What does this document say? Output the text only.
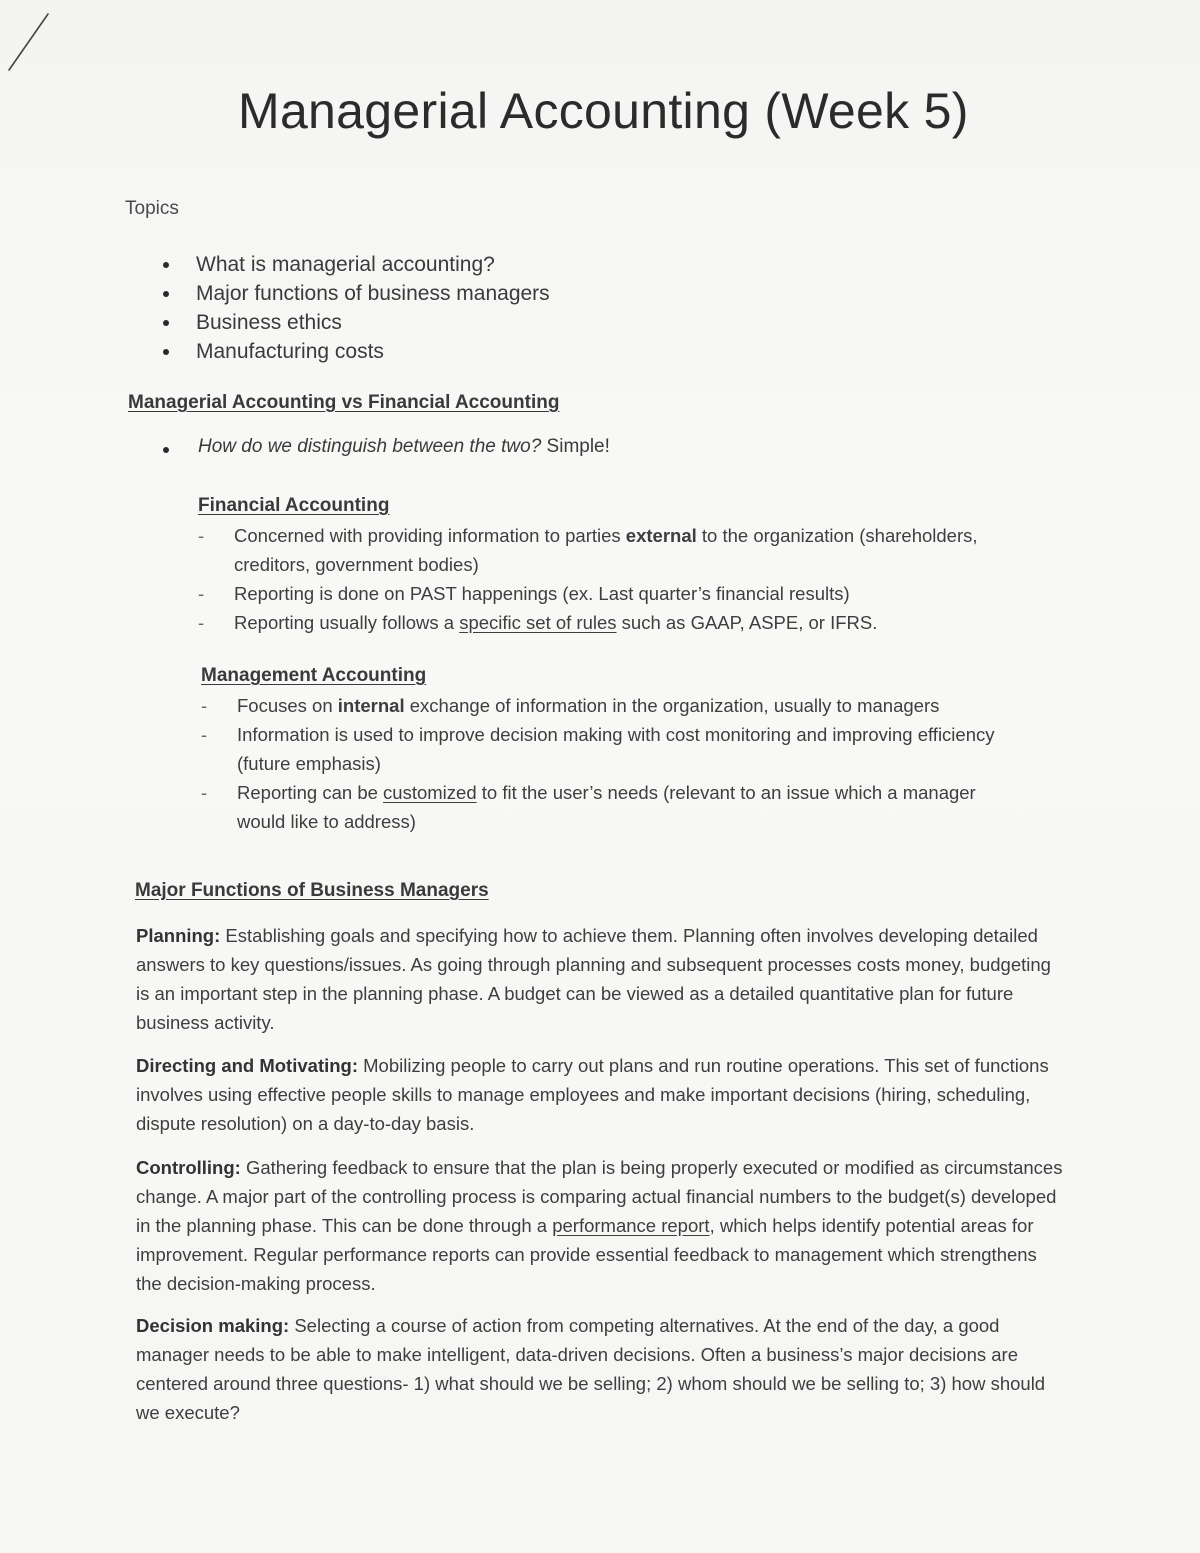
Managerial Accounting (Week 5)

Topics

What is managerial accounting?
Major functions of business managers
Business ethics
Manufacturing costs
Managerial Accounting vs Financial Accounting
How do we distinguish between the two? Simple!
Financial Accounting
- Concerned with providing information to parties external to the organization (shareholders, creditors, government bodies)
- Reporting is done on PAST happenings (ex. Last quarter’s financial results)
- Reporting usually follows a specific set of rules such as GAAP, ASPE, or IFRS.
Management Accounting
- Focuses on internal exchange of information in the organization, usually to managers
- Information is used to improve decision making with cost monitoring and improving efficiency (future emphasis)
- Reporting can be customized to fit the user’s needs (relevant to an issue which a manager would like to address)
Major Functions of Business Managers

Planning: Establishing goals and specifying how to achieve them. Planning often involves developing detailed answers to key questions/issues. As going through planning and subsequent processes costs money, budgeting is an important step in the planning phase. A budget can be viewed as a detailed quantitative plan for future business activity.

Directing and Motivating: Mobilizing people to carry out plans and run routine operations. This set of functions involves using effective people skills to manage employees and make important decisions (hiring, scheduling, dispute resolution) on a day-to-day basis.

Controlling: Gathering feedback to ensure that the plan is being properly executed or modified as circumstances change. A major part of the controlling process is comparing actual financial numbers to the budget(s) developed in the planning phase. This can be done through a performance report, which helps identify potential areas for improvement. Regular performance reports can provide essential feedback to management which strengthens the decision-making process.

Decision making: Selecting a course of action from competing alternatives. At the end of the day, a good manager needs to be able to make intelligent, data-driven decisions. Often a business’s major decisions are centered around three questions- 1) what should we be selling; 2) whom should we be selling to; 3) how should we execute?
